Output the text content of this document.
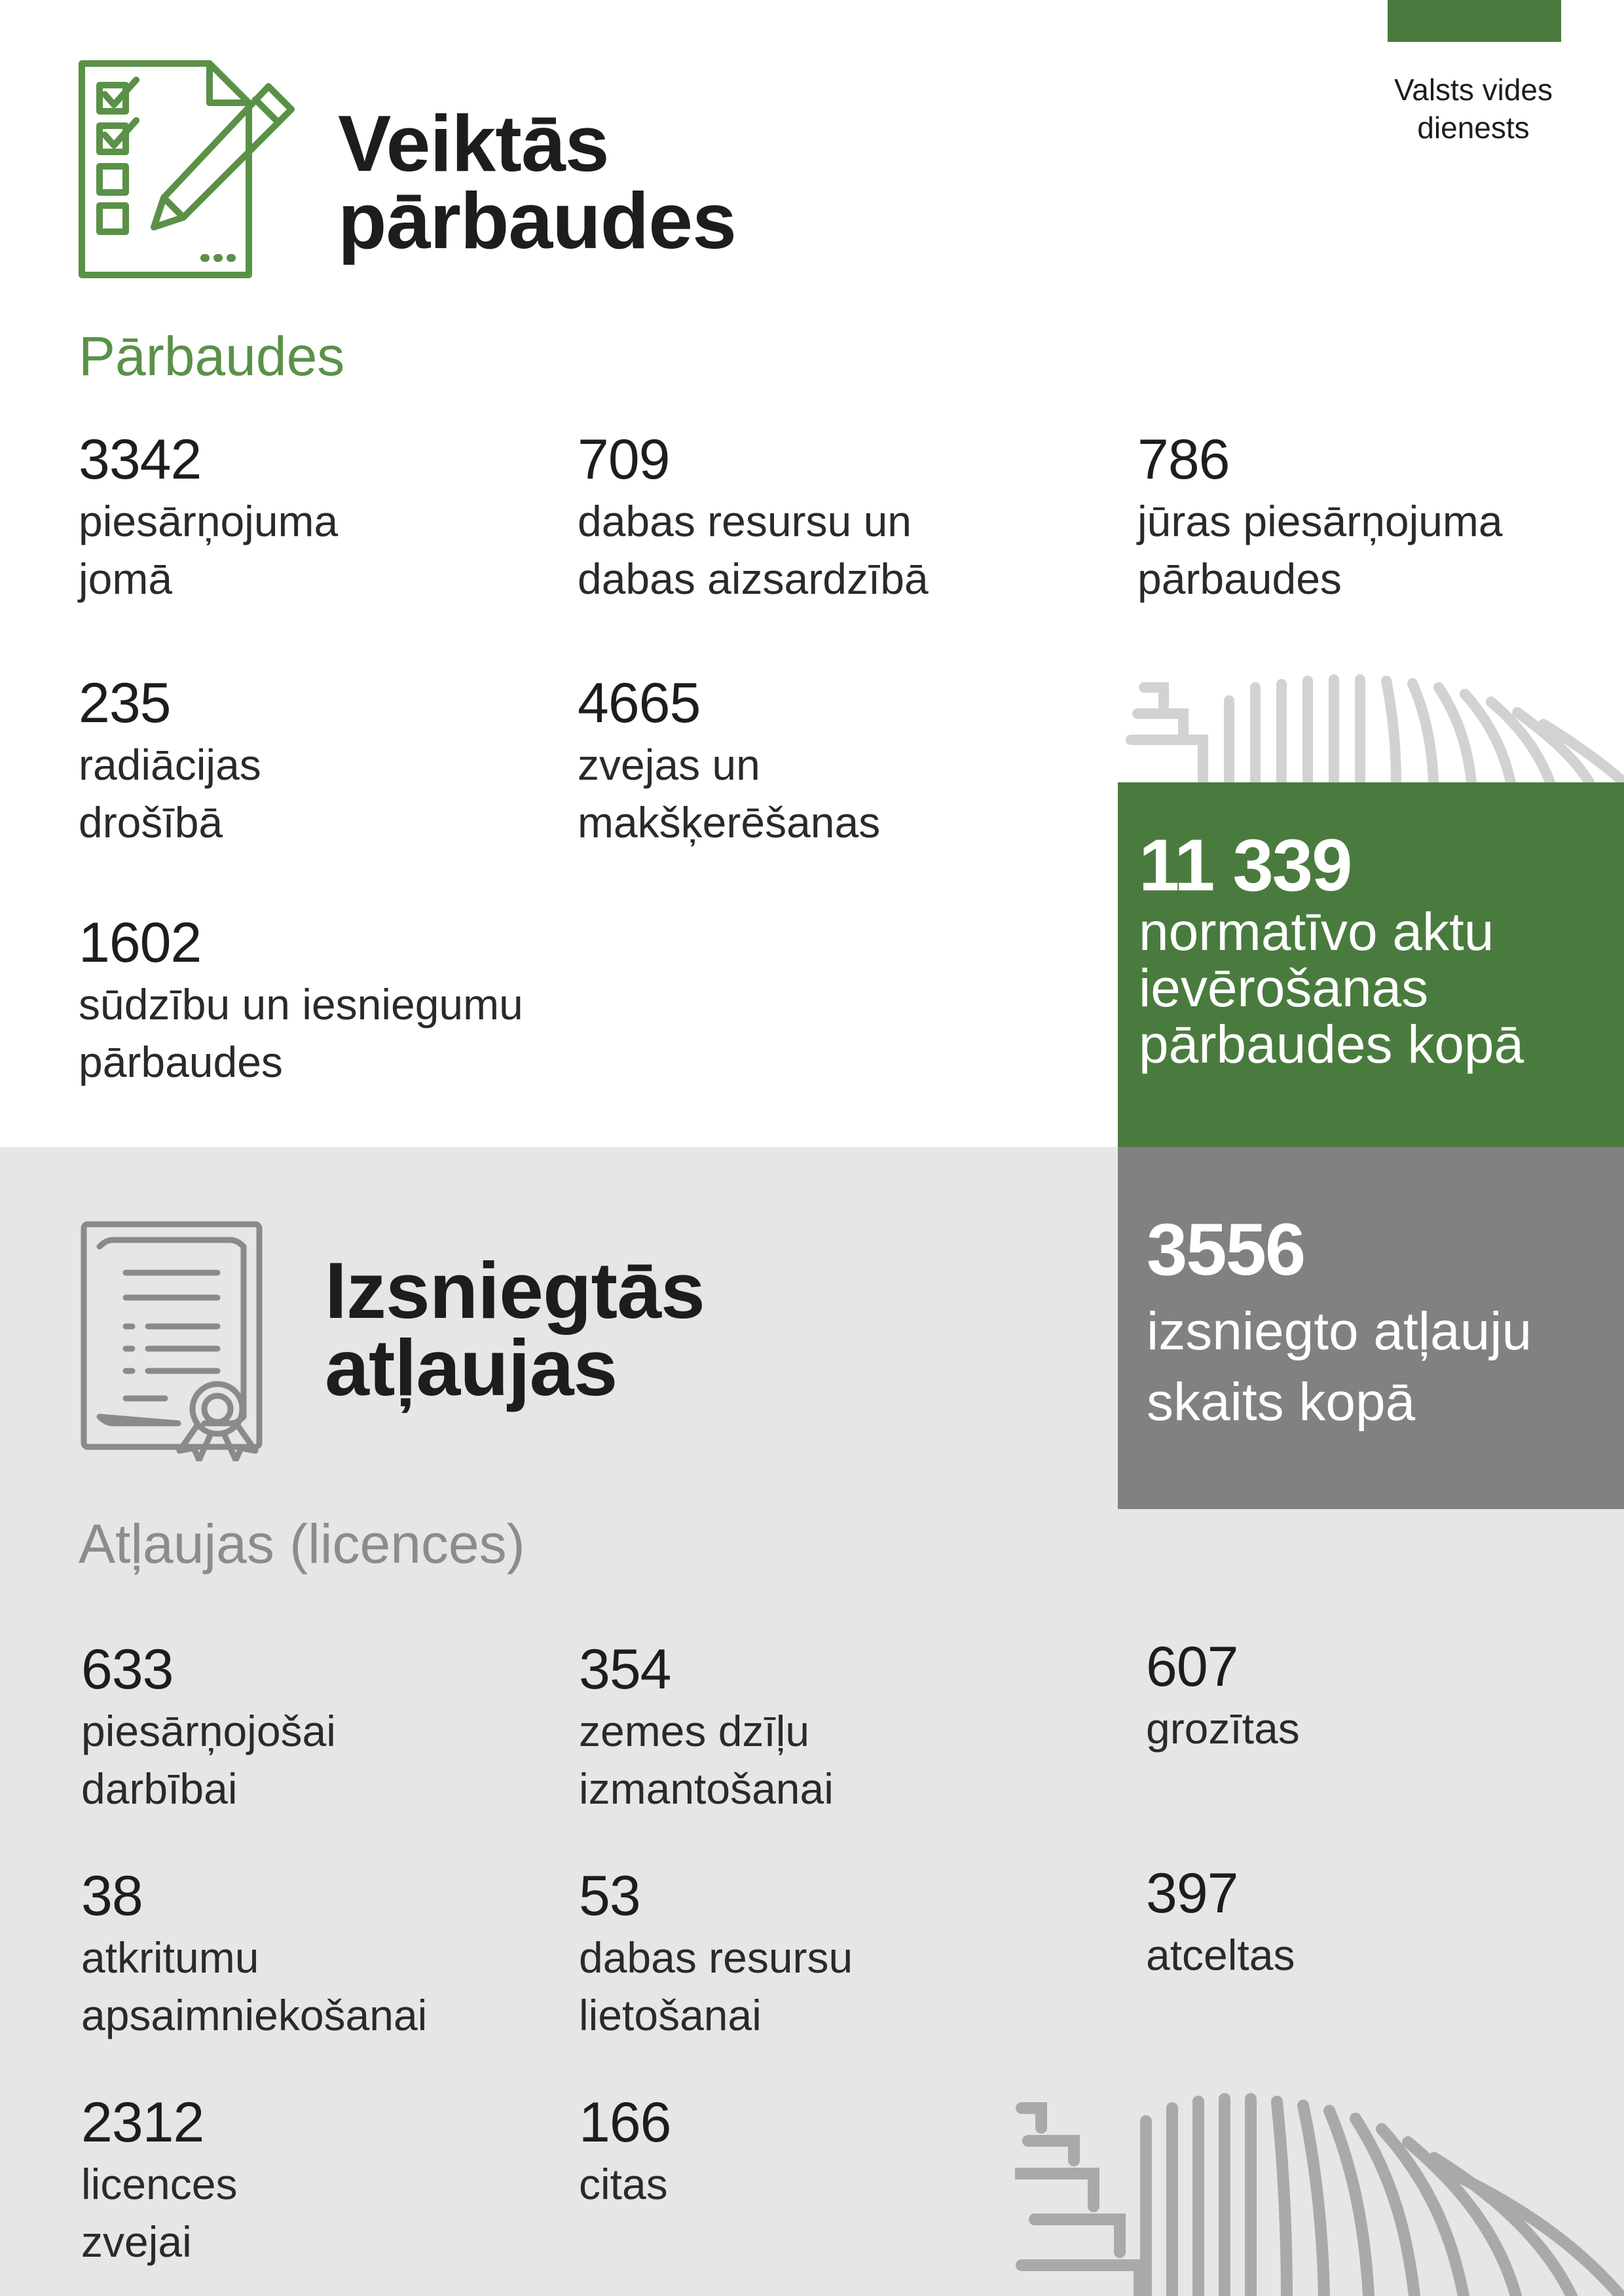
Valsts vides
dienests
Veiktās
pārbaudes
Pārbaudes
3342
piesārņojuma
jomā
709
dabas resursu un
dabas aizsardzībā
786
jūras piesārņojuma
pārbaudes
235
radiācijas
drošībā
4665
zvejas un
makšķerēšanas
1602
sūdzību un iesniegumu
pārbaudes
11 339
normatīvo aktu
ievērošanas
pārbaudes kopā
Izsniegtās
atļaujas
Atļaujas (licences)
3556
izsniegto atļauju
skaits kopā
633
piesārņojošai
darbībai
354
zemes dzīļu
izmantošanai
607
grozītas
38
atkritumu
apsaimniekošanai
53
dabas resursu
lietošanai
397
atceltas
2312
licences
zvejai
166
citas
